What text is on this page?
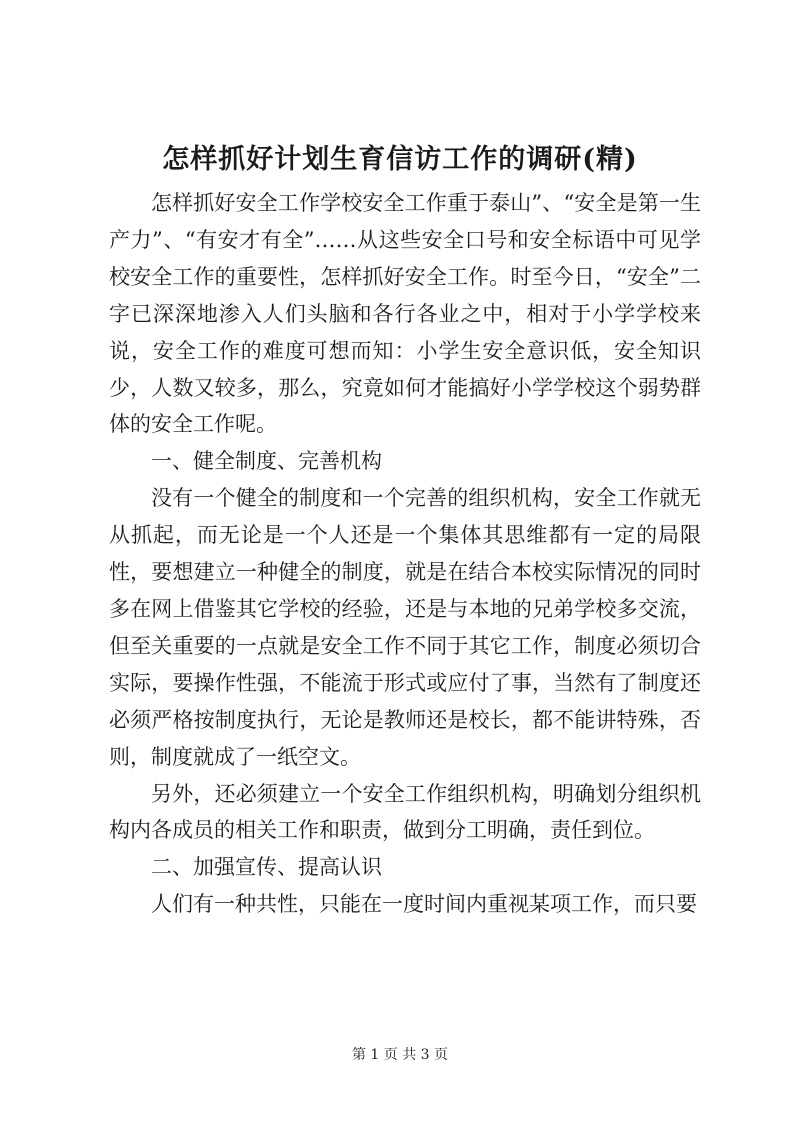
怎样抓好计划生育信访工作的调研(精)

怎样抓好安全工作学校安全工作重于泰山”、“安全是第一生产力”、“有安才有全”……从这些安全口号和安全标语中可见学校安全工作的重要性，怎样抓好安全工作。时至今日，“安全”二字已深深地渗入人们头脑和各行各业之中，相对于小学学校来说，安全工作的难度可想而知：小学生安全意识低，安全知识少，人数又较多，那么，究竟如何才能搞好小学学校这个弱势群体的安全工作呢。

一、健全制度、完善机构

没有一个健全的制度和一个完善的组织机构，安全工作就无从抓起，而无论是一个人还是一个集体其思维都有一定的局限性，要想建立一种健全的制度，就是在结合本校实际情况的同时多在网上借鉴其它学校的经验，还是与本地的兄弟学校多交流，但至关重要的一点就是安全工作不同于其它工作，制度必须切合实际，要操作性强，不能流于形式或应付了事，当然有了制度还必须严格按制度执行，无论是教师还是校长，都不能讲特殊，否则，制度就成了一纸空文。

另外，还必须建立一个安全工作组织机构，明确划分组织机构内各成员的相关工作和职责，做到分工明确，责任到位。

二、加强宣传、提高认识

人们有一种共性，只能在一度时间内重视某项工作，而只要

第 1 页 共 3 页
